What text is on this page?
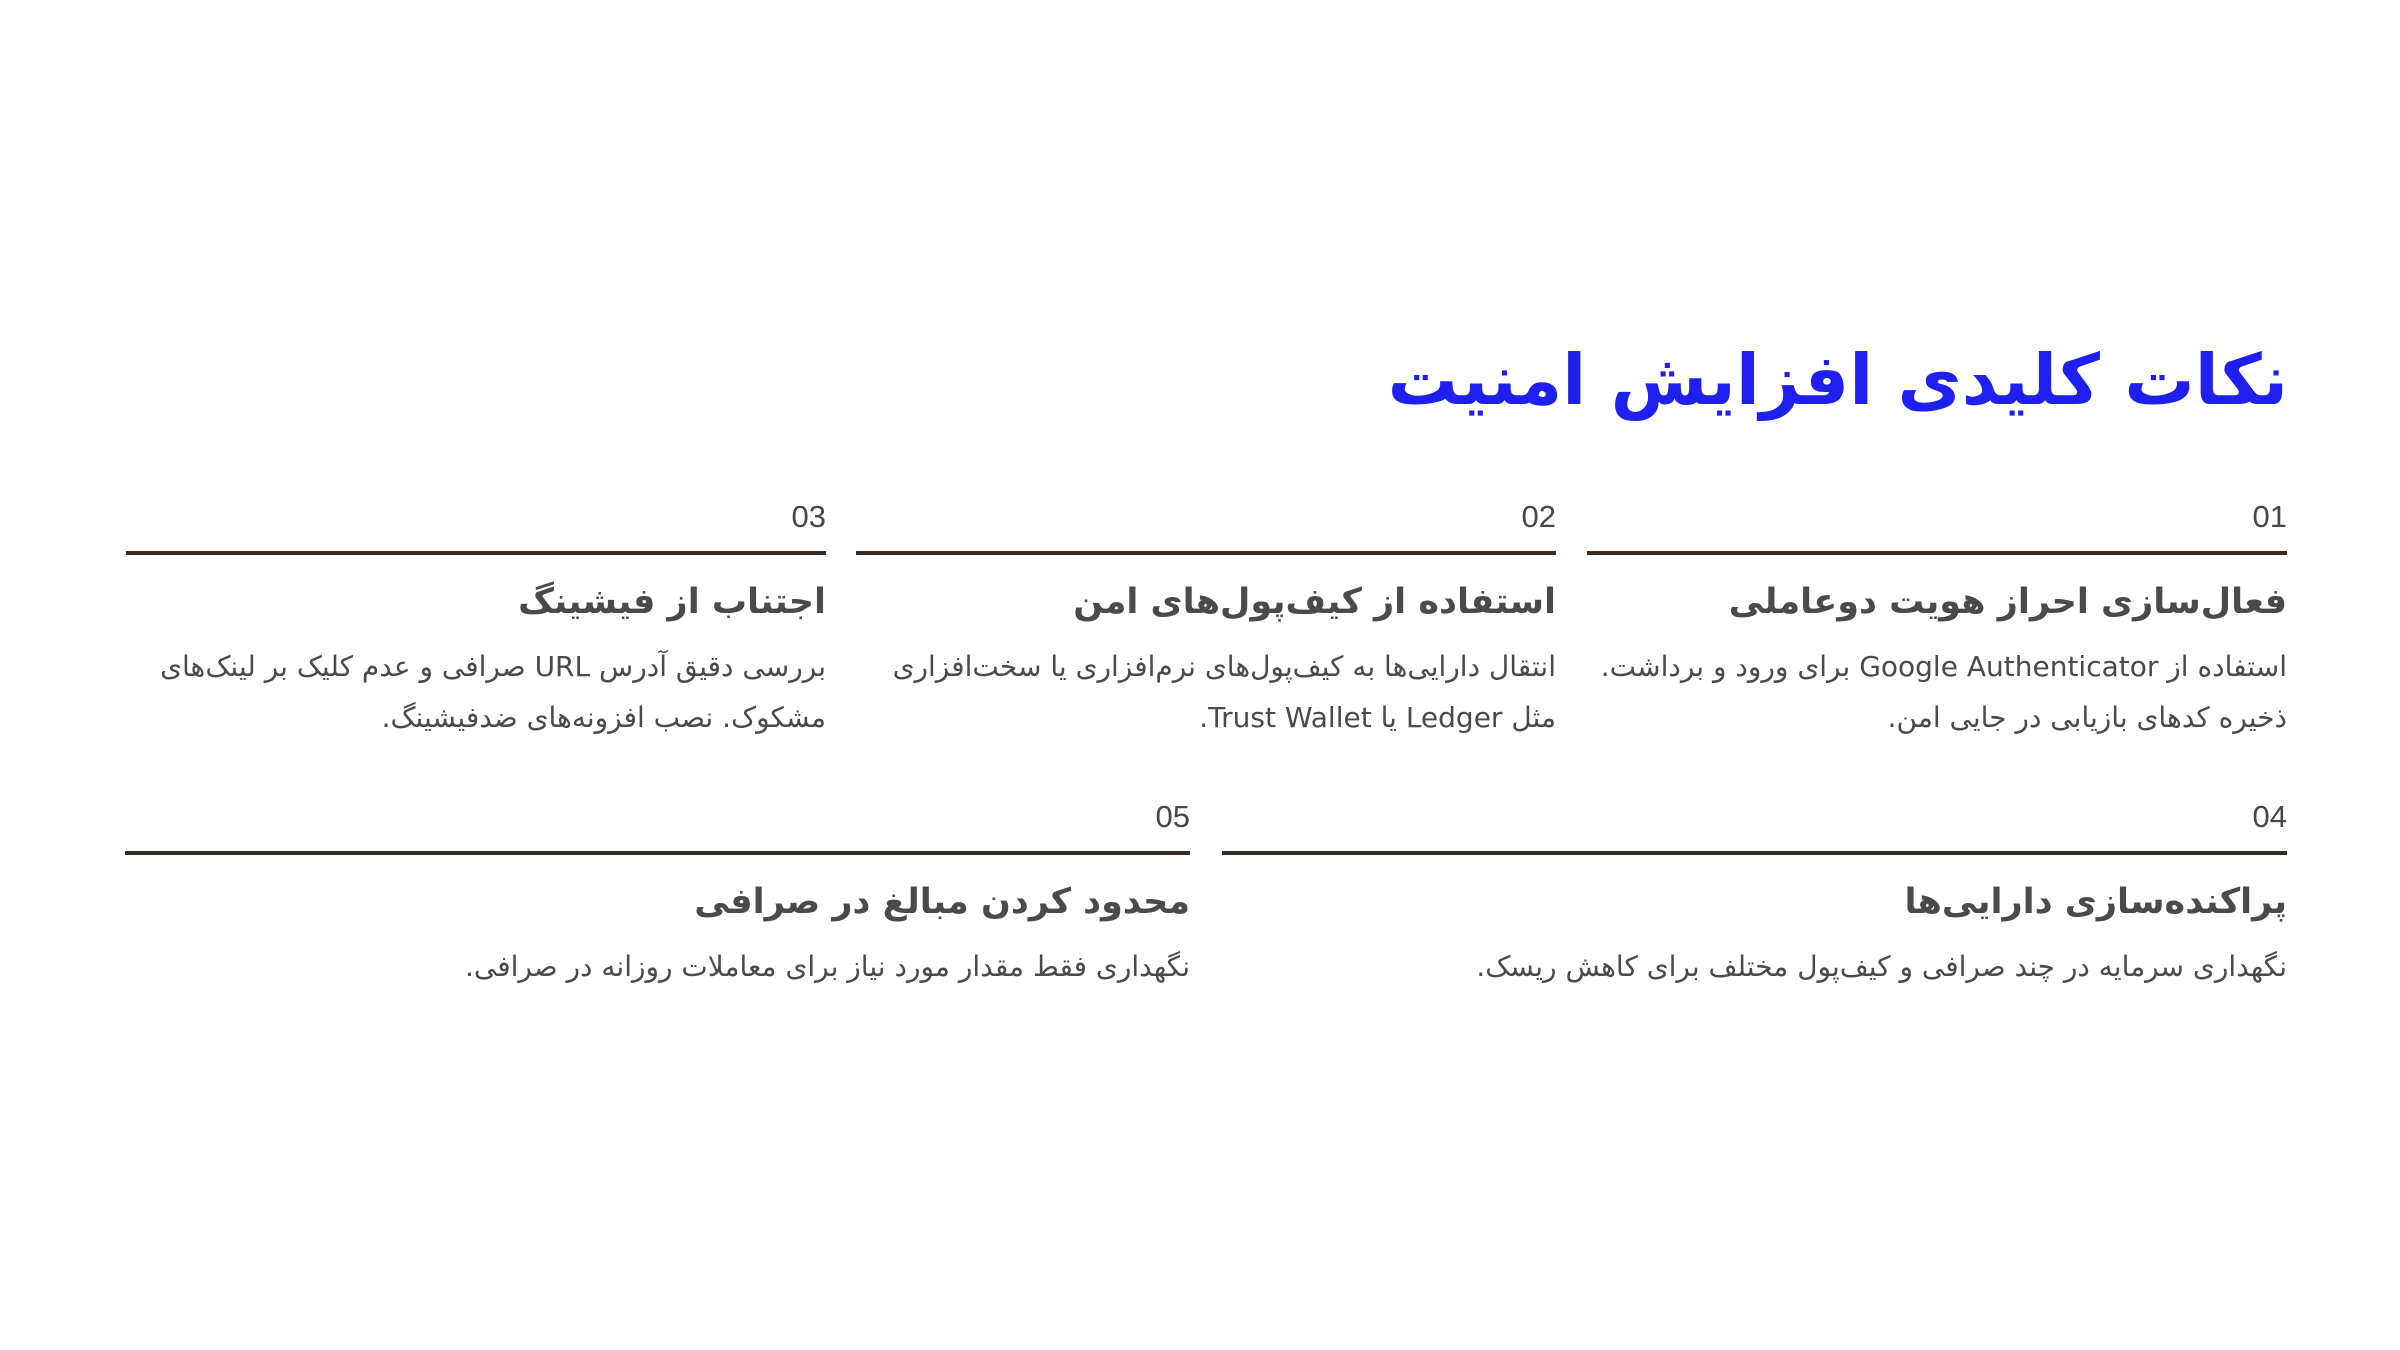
نکات کلیدی افزایش امنیت
01
فعال‌سازی احراز هویت دوعاملی
استفاده از Google Authenticator برای ورود و برداشت. ذخیره کدهای بازیابی در جایی امن.
02
استفاده از کیف‌پول‌های امن
انتقال دارایی‌ها به کیف‌پول‌های نرم‌افزاری یا سخت‌افزاری مثل Ledger یا Trust Wallet.
03
اجتناب از فیشینگ
بررسی دقیق آدرس URL صرافی و عدم کلیک بر لینک‌های مشکوک. نصب افزونه‌های ضدفیشینگ.
04
پراکنده‌سازی دارایی‌ها
نگهداری سرمایه در چند صرافی و کیف‌پول مختلف برای کاهش ریسک.
05
محدود کردن مبالغ در صرافی
نگهداری فقط مقدار مورد نیاز برای معاملات روزانه در صرافی.
